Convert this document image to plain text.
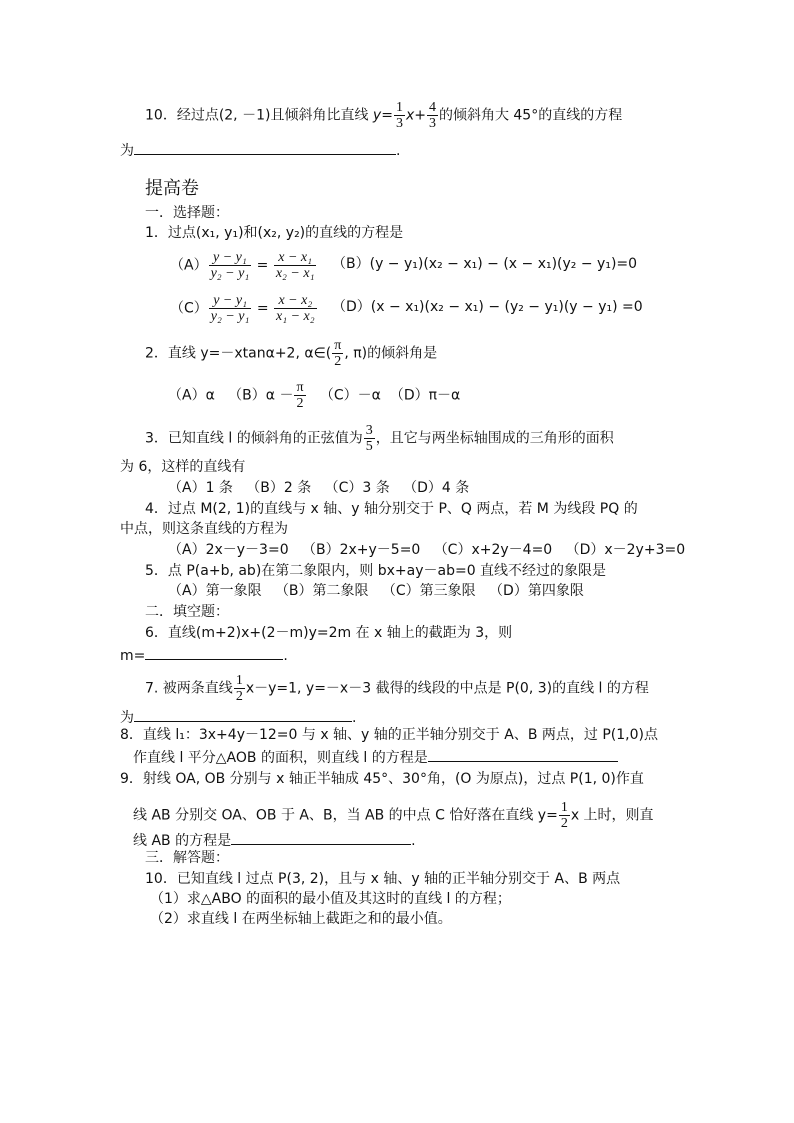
10．经过点(2, －1)且倾斜角比直线 $y= \frac{1}{3} x+ \frac{4}{3}$ 的倾斜角大 45°的直线的方程
为	.
提高卷
一．选择题：
1．过点(x₁, y₁)和(x₂, y₂)的直线的方程是
$(A) \frac{\text{y − y₁}}{\text{y₂ − y₁}} = \frac{\text{x − x₁}}{\text{x₂ − x₁}} (B)(y - y_1)(x_2 - x_1) - (x - x_1)(y_2 - y_1)=0$
$(C) \frac{\text{y − y₁}}{\text{y₂ − y₁}} = \frac{\text{x − x₂}}{\text{x₁ − x₂}} (D)(x - x_1)(x_2 - x_1) - (y_2 - y_1)(y - y_1) =0$
2．直线 y=－xtanα+2, α∈( $\frac{\pi}{2}$ , π)的倾斜角是
（A）α $(B)\alpha - \frac{\pi}{2} (C)-\alpha$ （D）π－α
3．已知直线 l 的倾斜角的正弦值为 $\frac{3}{5}$ ，且它与两坐标轴围成的三角形的面积
为 6，这样的直线有
（A）1 条 （B）2 条 （C）3 条 （D）4 条
4．过点 M(2, 1)的直线与 x 轴、y 轴分别交于 P、Q 两点，若 M 为线段 PQ 的
中点，则这条直线的方程为
（A）2x－y－3=0 （B）2x+y－5=0 （C）x+2y－4=0 （D）x－2y+3=0
5．点 P(a+b, ab)在第二象限内，则 bx+ay－ab=0 直线不经过的象限是
（A）第一象限 （B）第二象限 （C）第三象限 （D）第四象限
二．填空题：
6．直线(m+2)x+(2－m)y=2m 在 x 轴上的截距为 3，则
m=	.
7. 被两条直线 $\frac{1}{2} x-y=1$, y=－x－3 截得的线段的中点是 P(0, 3)的直线 l 的方程
为	.
8．直线 l₁：3x+4y－12=0 与 x 轴、y 轴的正半轴分别交于 A、B 两点，过 P(1,0)点
作直线 l 平分△AOB 的面积，则直线 l 的方程是
9．射线 OA, OB 分别与 x 轴正半轴成 45°、30°角，(O 为原点)，过点 P(1, 0)作直
线 AB 分别交 OA、OB 于 A、B，当 AB 的中点 C 恰好落在直线 $y= \frac{1}{2}$ x 上时，则直
线 AB 的方程是	.
三．解答题：
10．已知直线 l 过点 P(3, 2)，且与 x 轴、y 轴的正半轴分别交于 A、B 两点
（1）求△ABO 的面积的最小值及其这时的直线 l 的方程；
（2）求直线 l 在两坐标轴上截距之和的最小值。
